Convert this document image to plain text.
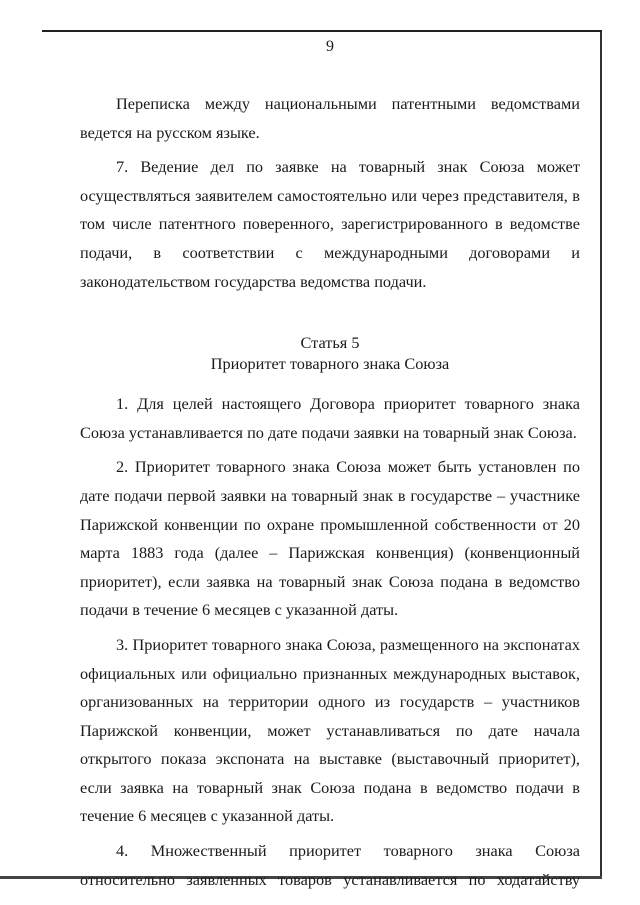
9

Переписка между национальными патентными ведомствами ведется на русском языке.

7. Ведение дел по заявке на товарный знак Союза может осуществляться заявителем самостоятельно или через представителя, в том числе патентного поверенного, зарегистрированного в ведомстве подачи, в соответствии с международными договорами и законодательством государства ведомства подачи.

Статья 5
Приоритет товарного знака Союза

1. Для целей настоящего Договора приоритет товарного знака Союза устанавливается по дате подачи заявки на товарный знак Союза.

2. Приоритет товарного знака Союза может быть установлен по дате подачи первой заявки на товарный знак в государстве – участнике Парижской конвенции по охране промышленной собственности от 20 марта 1883 года (далее – Парижская конвенция) (конвенционный приоритет), если заявка на товарный знак Союза подана в ведомство подачи в течение 6 месяцев с указанной даты.

3. Приоритет товарного знака Союза, размещенного на экспонатах официальных или официально признанных международных выставок, организованных на территории одного из государств – участников Парижской конвенции, может устанавливаться по дате начала открытого показа экспоната на выставке (выставочный приоритет), если заявка на товарный знак Союза подана в ведомство подачи в течение 6 месяцев с указанной даты.

4. Множественный приоритет товарного знака Союза относительно заявленных товаров устанавливается по ходатайству
